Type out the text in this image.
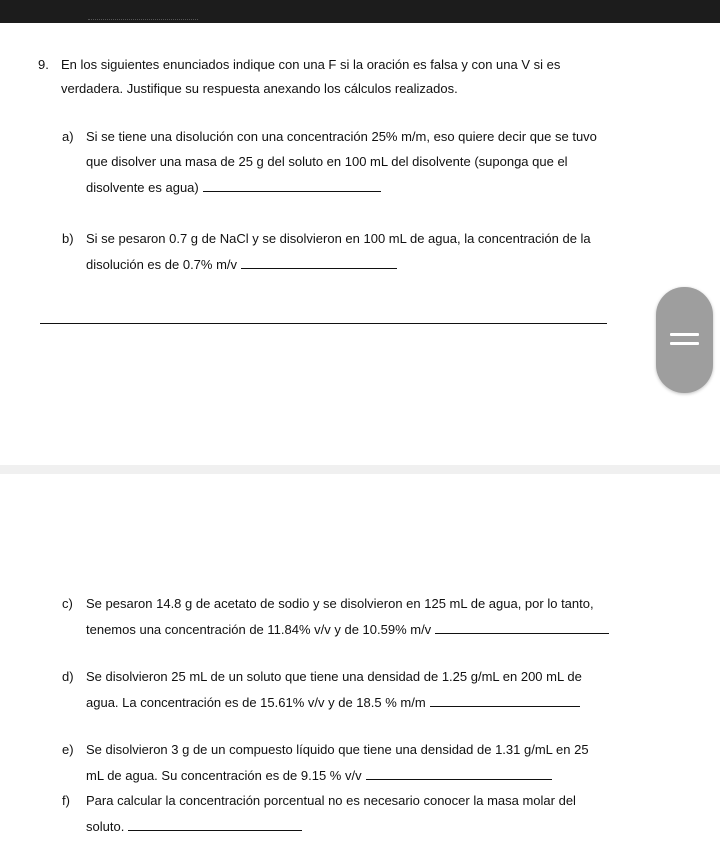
9. En los siguientes enunciados indique con una F si la oración es falsa y con una V si es
verdadera. Justifique su respuesta anexando los cálculos realizados.
a) Si se tiene una disolución con una concentración 25% m/m, eso quiere decir que se tuvo
que disolver una masa de 25 g del soluto en 100 mL del disolvente (suponga que el
disolvente es agua)
b) Si se pesaron 0.7 g de NaCl y se disolvieron en 100 mL de agua, la concentración de la
disolución es de 0.7% m/v
c) Se pesaron 14.8 g de acetato de sodio y se disolvieron en 125 mL de agua, por lo tanto,
tenemos una concentración de 11.84% v/v y de 10.59% m/v
d) Se disolvieron 25 mL de un soluto que tiene una densidad de 1.25 g/mL en 200 mL de
agua. La concentración es de 15.61% v/v y de 18.5 % m/m
e) Se disolvieron 3 g de un compuesto líquido que tiene una densidad de 1.31 g/mL en 25
mL de agua. Su concentración es de 9.15 % v/v
f) Para calcular la concentración porcentual no es necesario conocer la masa molar del
soluto.
